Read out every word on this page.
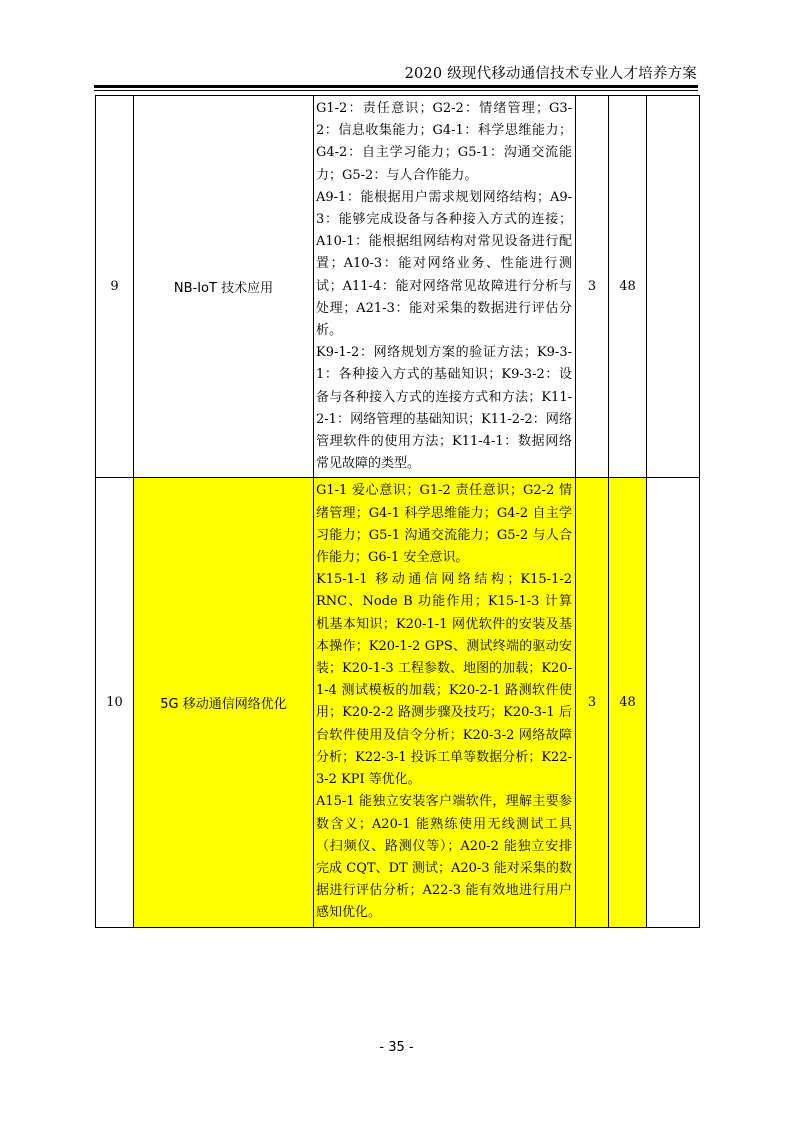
2020 级现代移动通信技术专业人才培养方案
9	NB-IoT 技术应用	G1-2：责任意识；G2-2：情绪管理；G3-2：信息收集能力；G4-1：科学思维能力；G4-2：自主学习能力；G5-1：沟通交流能力；G5-2：与人合作能力。
A9-1：能根据用户需求规划网络结构；A9-3：能够完成设备与各种接入方式的连接；A10-1：能根据组网结构对常见设备进行配置；A10-3：能对网络业务、性能进行测试；A11-4：能对网络常见故障进行分析与处理；A21-3：能对采集的数据进行评估分析。
K9-1-2：网络规划方案的验证方法；K9-3-1：各种接入方式的基础知识；K9-3-2：设备与各种接入方式的连接方式和方法；K11-2-1：网络管理的基础知识；K11-2-2：网络管理软件的使用方法；K11-4-1：数据网络常见故障的类型。	3	48	
10	5G 移动通信网络优化	G1-1 爱心意识；G1-2 责任意识；G2-2 情绪管理；G4-1 科学思维能力；G4-2 自主学习能力；G5-1 沟通交流能力；G5-2 与人合作能力；G6-1 安全意识。
K15-1-1 移动通信网络结构；K15-1-2 RNC、Node B 功能作用；K15-1-3 计算机基本知识；K20-1-1 网优软件的安装及基本操作；K20-1-2 GPS、测试终端的驱动安装；K20-1-3 工程参数、地图的加载；K20-1-4 测试模板的加载；K20-2-1 路测软件使用；K20-2-2 路测步骤及技巧；K20-3-1 后台软件使用及信令分析；K20-3-2 网络故障分析；K22-3-1 投诉工单等数据分析；K22-3-2 KPI 等优化。
A15-1 能独立安装客户端软件，理解主要参数含义；A20-1 能熟练使用无线测试工具（扫频仪、路测仪等）；A20-2 能独立安排完成 CQT、DT 测试；A20-3 能对采集的数据进行评估分析；A22-3 能有效地进行用户感知优化。	3	48	
- 35 -
